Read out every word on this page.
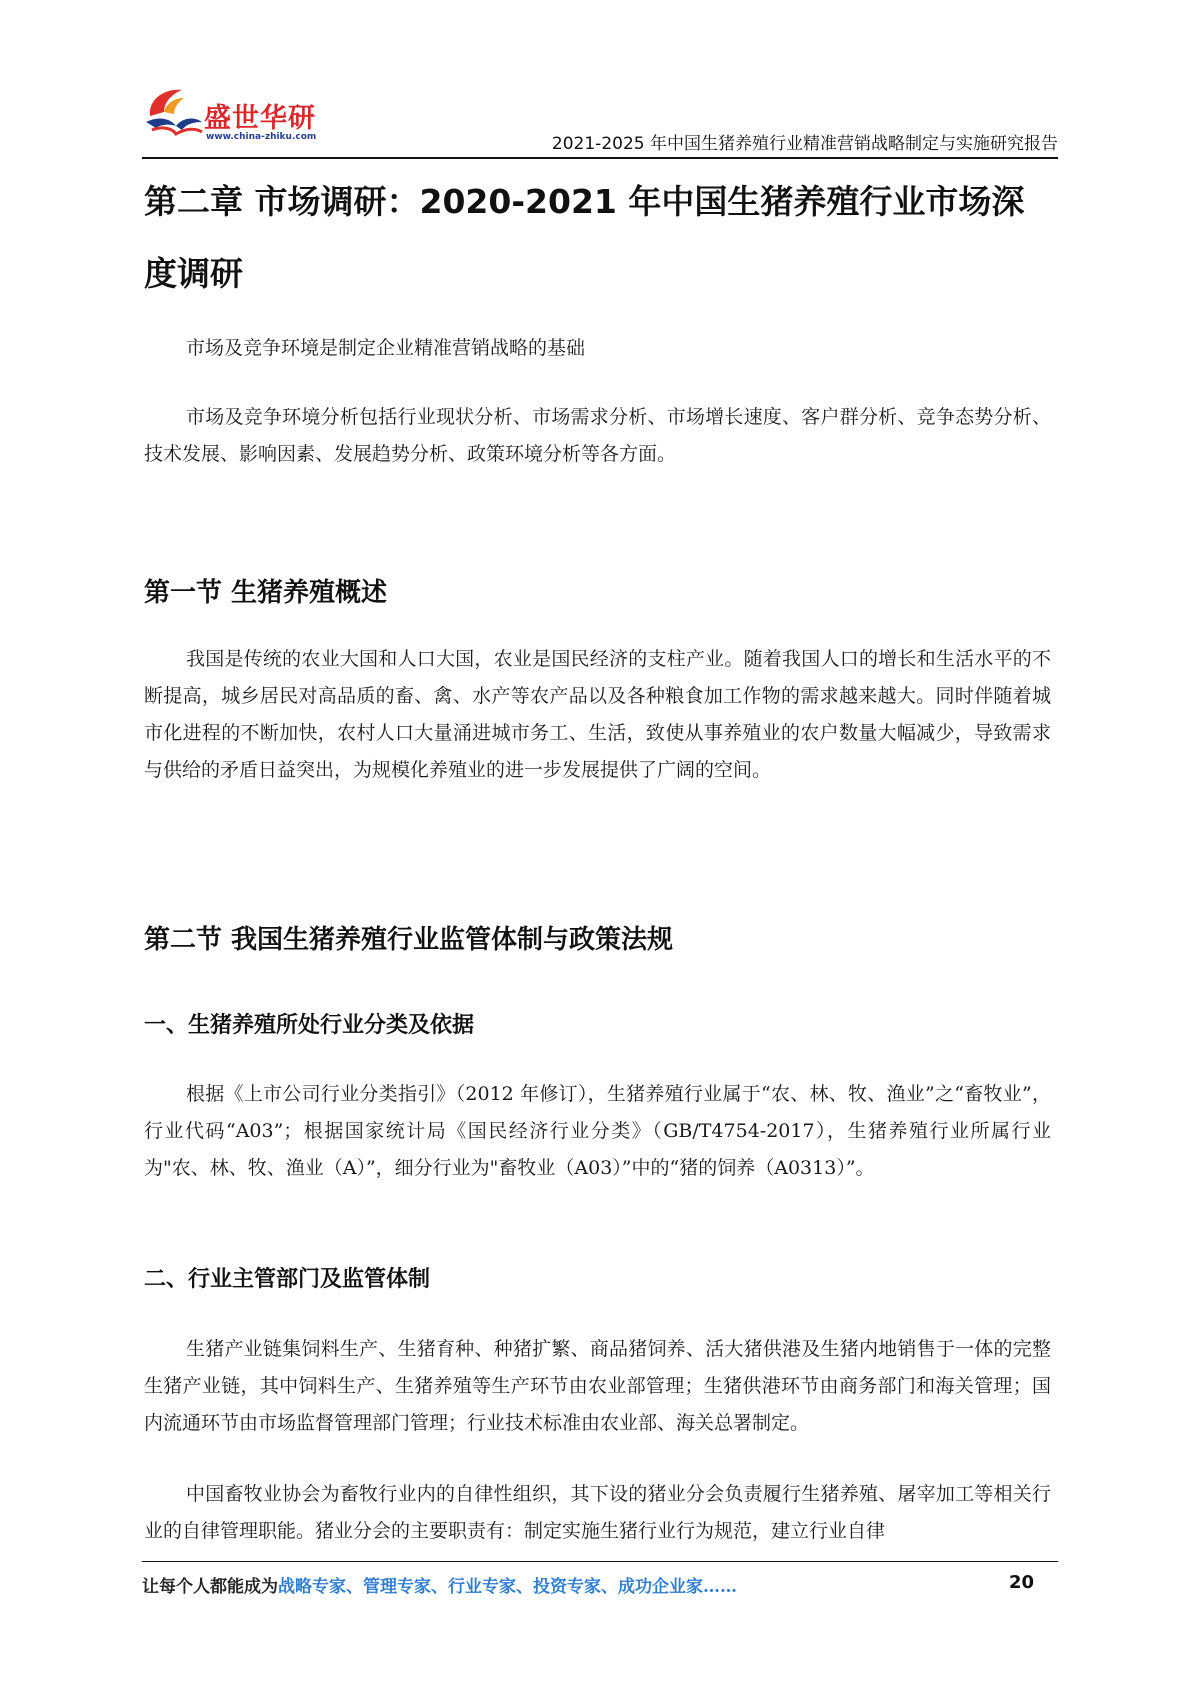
盛世华研
www.china-zhiku.com	2021-2025 年中国生猪养殖行业精准营销战略制定与实施研究报告
第二章 市场调研：2020-2021 年中国生猪养殖行业市场深度调研
市场及竞争环境是制定企业精准营销战略的基础
市场及竞争环境分析包括行业现状分析、市场需求分析、市场增长速度、客户群分析、竞争态势分析、技术发展、影响因素、发展趋势分析、政策环境分析等各方面。
第一节 生猪养殖概述
我国是传统的农业大国和人口大国，农业是国民经济的支柱产业。随着我国人口的增长和生活水平的不断提高，城乡居民对高品质的畜、禽、水产等农产品以及各种粮食加工作物的需求越来越大。同时伴随着城市化进程的不断加快，农村人口大量涌进城市务工、生活，致使从事养殖业的农户数量大幅减少，导致需求与供给的矛盾日益突出，为规模化养殖业的进一步发展提供了广阔的空间。
第二节 我国生猪养殖行业监管体制与政策法规
一、生猪养殖所处行业分类及依据
根据《上市公司行业分类指引》（2012 年修订），生猪养殖行业属于“农、林、牧、渔业”之“畜牧业”，行业代码“A03”；根据国家统计局《国民经济行业分类》（GB/T4754-2017），生猪养殖行业所属行业为"农、林、牧、渔业（A）”，细分行业为"畜牧业（A03）”中的“猪的饲养（A0313）”。
二、行业主管部门及监管体制
生猪产业链集饲料生产、生猪育种、种猪扩繁、商品猪饲养、活大猪供港及生猪内地销售于一体的完整生猪产业链，其中饲料生产、生猪养殖等生产环节由农业部管理；生猪供港环节由商务部门和海关管理；国内流通环节由市场监督管理部门管理；行业技术标准由农业部、海关总署制定。
中国畜牧业协会为畜牧行业内的自律性组织，其下设的猪业分会负责履行生猪养殖、屠宰加工等相关行业的自律管理职能。猪业分会的主要职责有：制定实施生猪行业行为规范，建立行业自律
让每个人都能成为战略专家、管理专家、行业专家、投资专家、成功企业家……	20
